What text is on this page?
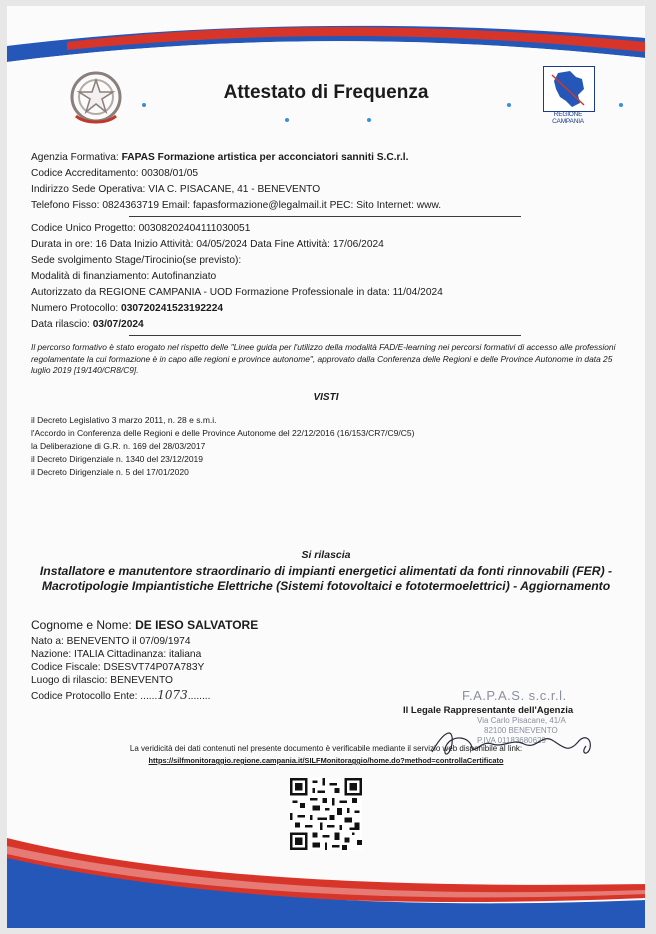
REGIONE CAMPANIA
Attestato di Frequenza
Agenzia Formativa: FAPAS Formazione artistica per acconciatori sanniti S.C.r.l.
Codice Accreditamento: 00308/01/05
Indirizzo Sede Operativa: VIA C. PISACANE, 41 - BENEVENTO
Telefono Fisso: 0824363719 Email: fapasformazione@legalmail.it PEC: Sito Internet: www.
Codice Unico Progetto: 00308202404111030051
Durata in ore: 16 Data Inizio Attività: 04/05/2024 Data Fine Attività: 17/06/2024
Sede svolgimento Stage/Tirocinio(se previsto):
Modalità di finanziamento: Autofinanziato
Autorizzato da REGIONE CAMPANIA - UOD Formazione Professionale in data: 11/04/2024
Numero Protocollo: 030720241523192224
Data rilascio: 03/07/2024
Il percorso formativo è stato erogato nel rispetto delle "Linee guida per l'utilizzo della modalità FAD/E-learning nei percorsi formativi di accesso alle professioni regolamentate la cui formazione è in capo alle regioni e province autonome", approvato dalla Conferenza delle Regioni e delle Province Autonome in data 25 luglio 2019 [19/140/CR8/C9].
VISTI
il Decreto Legislativo 3 marzo 2011, n. 28 e s.m.i.
l'Accordo in Conferenza delle Regioni e delle Province Autonome del 22/12/2016 (16/153/CR7/C9/C5)
la Deliberazione di G.R. n. 169 del 28/03/2017
il Decreto Dirigenziale n. 1340 del 23/12/2019
il Decreto Dirigenziale n. 5 del 17/01/2020
Si rilascia
Installatore e manutentore straordinario di impianti energetici alimentati da fonti rinnovabili (FER) - Macrotipologie Impiantistiche Elettriche (Sistemi fotovoltaici e fototermoelettrici) - Aggiornamento
Cognome e Nome: DE IESO SALVATORE
Nato a: BENEVENTO il 07/09/1974
Nazione: ITALIA Cittadinanza: italiana
Codice Fiscale: DSESVT74P07A783Y
Luogo di rilascio: BENEVENTO
Codice Protocollo Ente: ......1073........	F.A.P.A.S. s.c.r.l.
Via Carlo Pisacane, 41/A
82100 BENEVENTO
P.IVA 01183680629
Il Legale Rappresentante dell'Agenzia
La veridicità dei dati contenuti nel presente documento è verificabile mediante il servizio web disponibile al link:
https://silfmonitoraggio.regione.campania.it/SILFMonitoraggio/home.do?method=controllaCertificato
